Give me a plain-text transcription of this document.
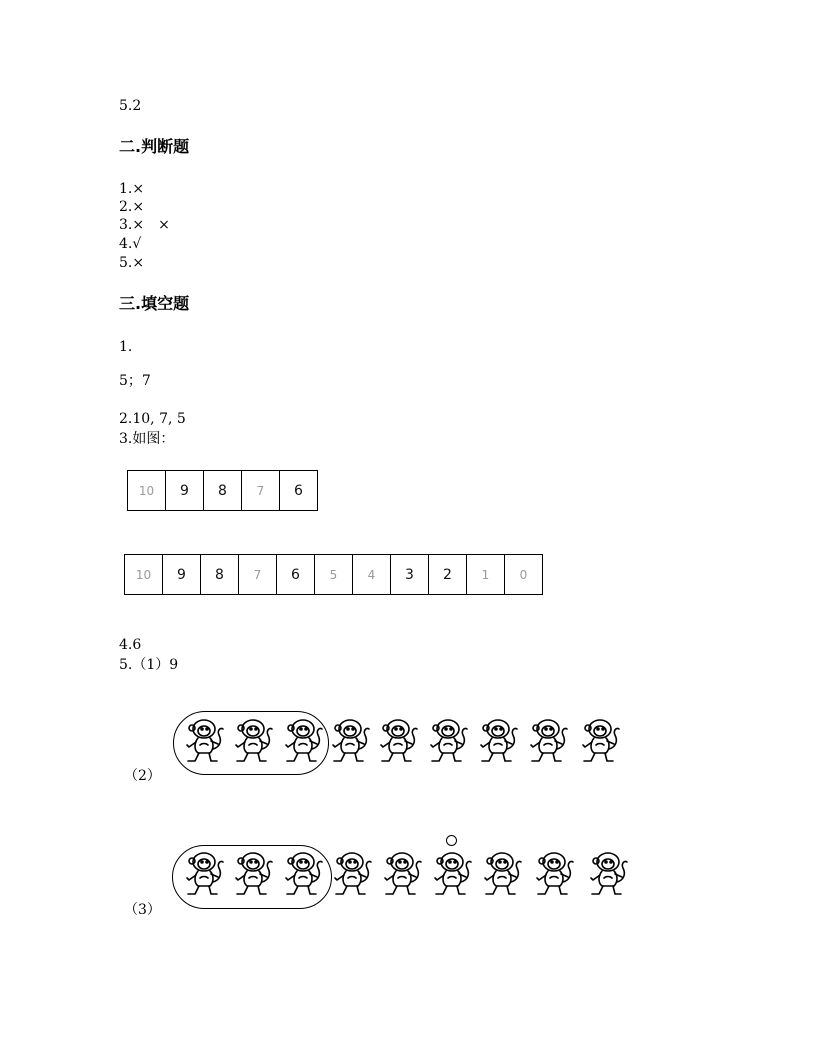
5.2
二.判断题
1.×
2.×
3.×　×
4.√
5.×
三.填空题
1.
5；7
2.10, 7, 5
3.如图：
10	9	8	7	6
10	9	8	7	6	5	4	3	2	1	0
4.6
5.（1）9
（2）
（3）
